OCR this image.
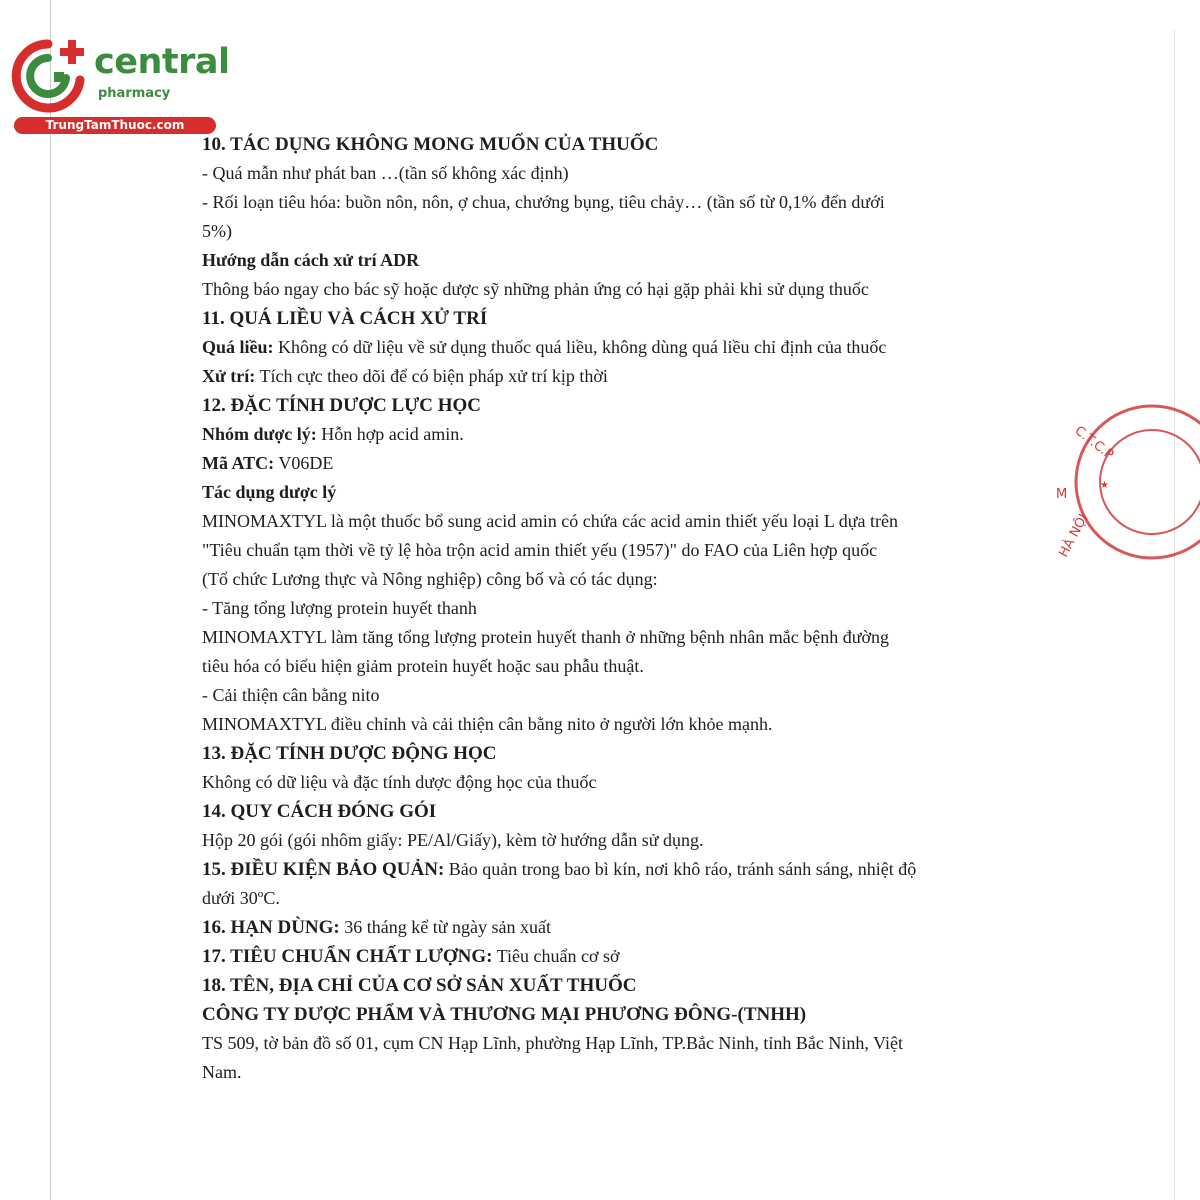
central
pharmacy
TrungTamThuoc.com
C.T.C.P
HÀ NỘI
M
★
10. TÁC DỤNG KHÔNG MONG MUỐN CỦA THUỐC
- Quá mẫn như phát ban …(tần số không xác định)
- Rối loạn tiêu hóa: buồn nôn, nôn, ợ chua, chướng bụng, tiêu chảy… (tần số từ 0,1% đến dưới
5%)
Hướng dẫn cách xử trí ADR
Thông báo ngay cho bác sỹ hoặc dược sỹ những phản ứng có hại gặp phải khi sử dụng thuốc
11. QUÁ LIỀU VÀ CÁCH XỬ TRÍ
Quá liều: Không có dữ liệu về sử dụng thuốc quá liều, không dùng quá liều chỉ định của thuốc
Xử trí: Tích cực theo dõi để có biện pháp xử trí kịp thời
12. ĐẶC TÍNH DƯỢC LỰC HỌC
Nhóm dược lý: Hỗn hợp acid amin.
Mã ATC: V06DE
Tác dụng dược lý
MINOMAXTYL là một thuốc bổ sung acid amin có chứa các acid amin thiết yếu loại L dựa trên
"Tiêu chuẩn tạm thời về tỷ lệ hòa trộn acid amin thiết yếu (1957)" do FAO của Liên hợp quốc
(Tổ chức Lương thực và Nông nghiệp) công bố và có tác dụng:
- Tăng tổng lượng protein huyết thanh
MINOMAXTYL làm tăng tổng lượng protein huyết thanh ở những bệnh nhân mắc bệnh đường
tiêu hóa có biểu hiện giảm protein huyết hoặc sau phẫu thuật.
- Cải thiện cân bằng nito
MINOMAXTYL điều chỉnh và cải thiện cân bằng nito ở người lớn khỏe mạnh.
13. ĐẶC TÍNH DƯỢC ĐỘNG HỌC
Không có dữ liệu và đặc tính dược động học của thuốc
14. QUY CÁCH ĐÓNG GÓI
Hộp 20 gói (gói nhôm giấy: PE/Al/Giấy), kèm tờ hướng dẫn sử dụng.
15. ĐIỀU KIỆN BẢO QUẢN: Bảo quản trong bao bì kín, nơi khô ráo, tránh sánh sáng, nhiệt độ
dưới 30ºC.
16. HẠN DÙNG: 36 tháng kể từ ngày sản xuất
17. TIÊU CHUẨN CHẤT LƯỢNG: Tiêu chuẩn cơ sở
18. TÊN, ĐỊA CHỈ CỦA CƠ SỞ SẢN XUẤT THUỐC
CÔNG TY DƯỢC PHẨM VÀ THƯƠNG MẠI PHƯƠNG ĐÔNG-(TNHH)
TS 509, tờ bản đồ số 01, cụm CN Hạp Lĩnh, phường Hạp Lĩnh, TP.Bắc Ninh, tỉnh Bắc Ninh, Việt
Nam.
